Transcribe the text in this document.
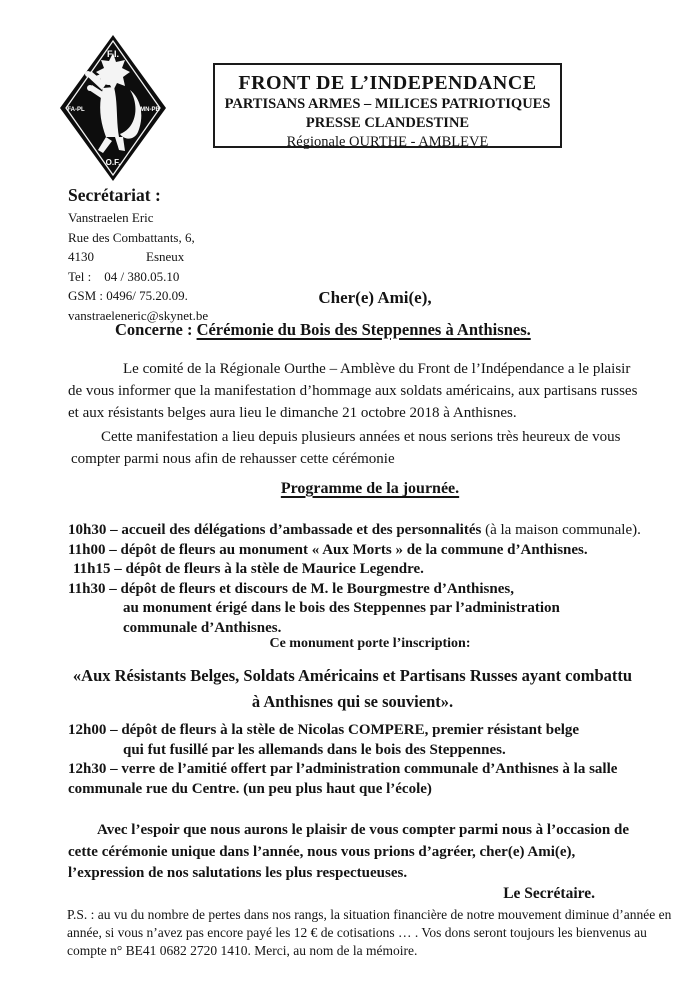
F.I.
FA-PL	MN-PB
O.F.
FRONT DE L’INDEPENDANCE
PARTISANS ARMES – MILICES PATRIOTIQUES
PRESSE CLANDESTINE
Régionale OURTHE - AMBLEVE
Secrétariat :
Vanstraelen Eric
Rue des Combattants, 6,
4130                Esneux
Tel :    04 / 380.05.10
GSM : 0496/ 75.20.09.
vanstraeleneric@skynet.be
Cher(e) Ami(e),
Concerne : Cérémonie du Bois des Steppennes à Anthisnes.
Le comité de la Régionale Ourthe – Amblève du Front de l’Indépendance a le plaisir de vous informer que la manifestation d’hommage aux soldats américains, aux partisans russes et aux résistants belges aura lieu le dimanche 21 octobre 2018 à Anthisnes.
Cette manifestation a lieu depuis plusieurs années et nous serions très heureux de vous compter parmi nous afin de rehausser cette cérémonie
Programme de la journée.
10h30 – accueil des délégations d’ambassade et des personnalités (à la maison communale).
11h00 – dépôt de fleurs au monument « Aux Morts » de la commune d’Anthisnes.
11h15 – dépôt de fleurs à la stèle de Maurice Legendre.
11h30 – dépôt de fleurs et discours de M. le Bourgmestre d’Anthisnes,
au monument érigé dans le bois des Steppennes par l’administration
communale d’Anthisnes.
Ce monument porte l’inscription:
«Aux Résistants Belges, Soldats Américains et Partisans Russes ayant combattu à Anthisnes qui se souvient».
12h00 – dépôt de fleurs à la stèle de Nicolas COMPERE, premier résistant belge
qui fut fusillé par les allemands dans le bois des Steppennes.
12h30 – verre de l’amitié offert par l’administration communale d’Anthisnes à la salle
communale rue du Centre. (un peu plus haut que l’école)
Avec l’espoir que nous aurons le plaisir de vous compter parmi nous à l’occasion de cette cérémonie unique dans l’année, nous vous prions d’agréer, cher(e) Ami(e), l’expression de nos salutations les plus respectueuses.
Le Secrétaire.
P.S. : au vu du nombre de pertes dans nos rangs, la situation financière de notre mouvement diminue d’année en année, si vous n’avez pas encore payé les 12 € de cotisations … . Vos dons seront toujours les bienvenus au compte n° BE41 0682 2720 1410. Merci, au nom de la mémoire.
